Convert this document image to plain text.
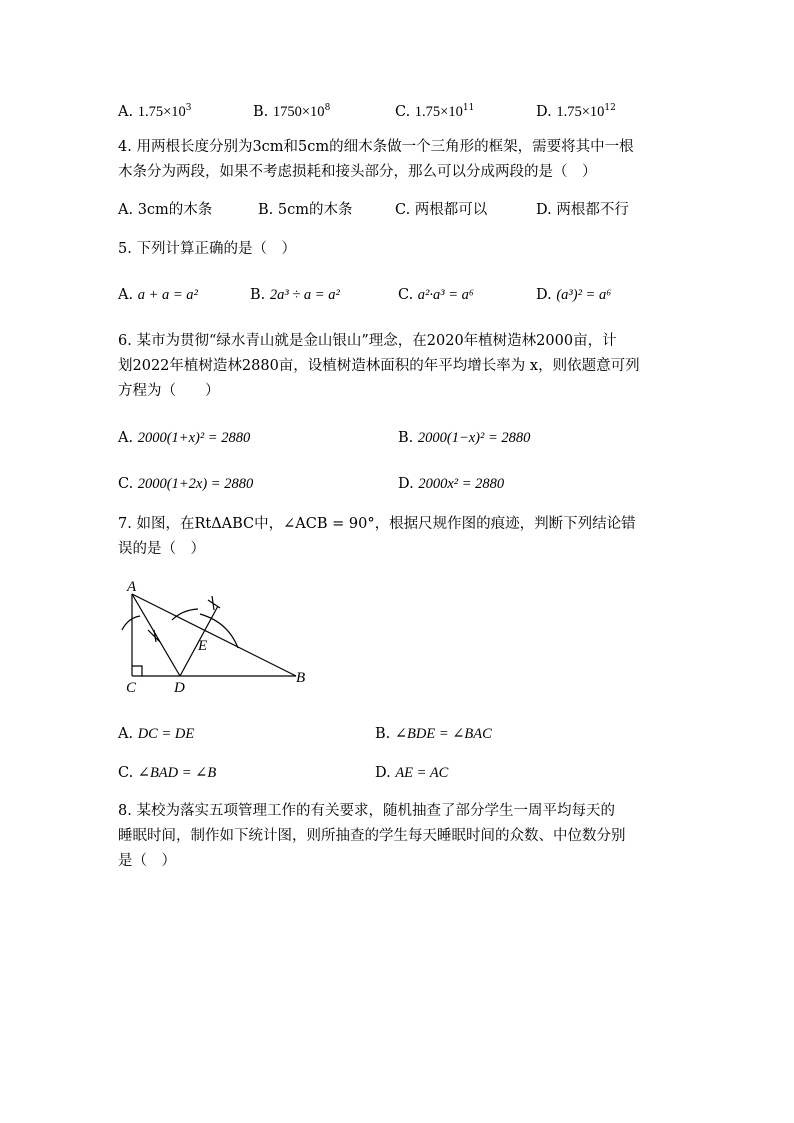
A. $1.75\times 10^3$	B. $1750\times 10^8$	C. $1.75\times 10^{11}$	D. $1.75\times 10^{12}$
4. 用两根长度分别为3cm和5cm的细木条做一个三角形的框架，需要将其中一根
木条分为两段，如果不考虑损耗和接头部分，那么可以分成两段的是（　）
A. 3cm的木条	B. 5cm的木条	C. 两根都可以	D. 两根都不行
5. 下列计算正确的是（　）
A. a + a = a²	B. 2a³ ÷ a = a²	C. a²·a³ = a⁶	D. (a³)² = a⁶
6. 某市为贯彻“绿水青山就是金山银山”理念，在2020年植树造林2000亩，计
划2022年植树造林2880亩，设植树造林面积的年平均增长率为 x，则依题意可列
方程为（　　）
A. 2000(1+x)² = 2880	B. 2000(1−x)² = 2880
C. 2000(1+2x) = 2880	D. 2000x² = 2880
7. 如图，在RtΔABC中，∠ACB = 90°，根据尺规作图的痕迹，判断下列结论错
误的是（　）
A
C	D
B
E
A. DC = DE	B. ∠BDE = ∠BAC
C. ∠BAD = ∠B	D. AE = AC
8. 某校为落实五项管理工作的有关要求，随机抽查了部分学生一周平均每天的
睡眠时间，制作如下统计图，则所抽查的学生每天睡眠时间的众数、中位数分别
是（　）
